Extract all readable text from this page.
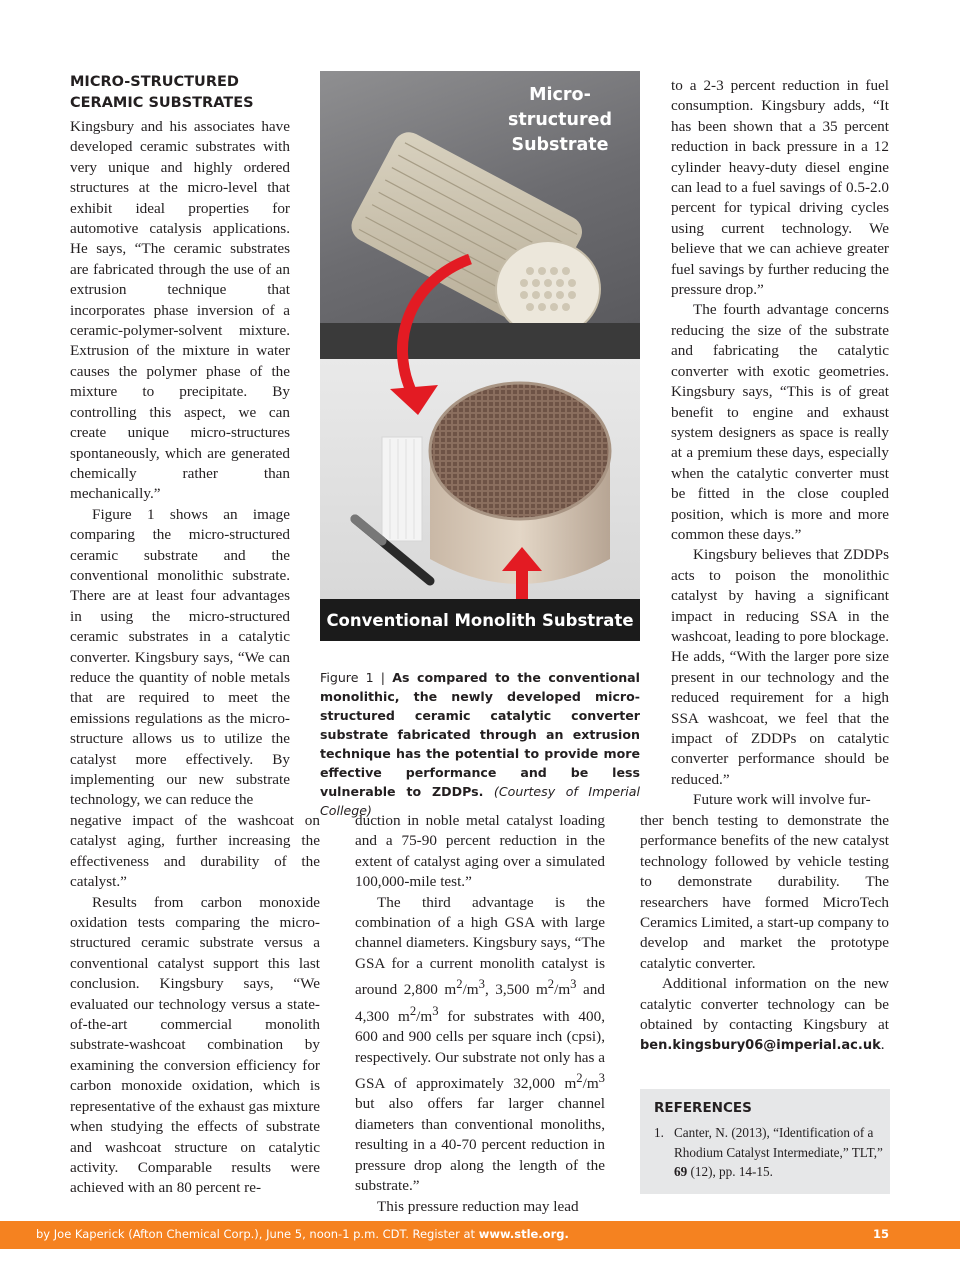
MICRO-STRUCTURED
CERAMIC SUBSTRATES

Kingsbury and his associates have developed ceramic substrates with very unique and highly ordered structures at the micro-level that exhibit ideal properties for automotive catalysis applications. He says, “The ceramic substrates are fabricated through the use of an extrusion technique that incorporates phase inversion of a ceramic-polymer-solvent mixture. Extrusion of the mixture in water causes the polymer phase of the mixture to precipitate. By controlling this aspect, we can create unique micro-structures spontaneously, which are generated chemically rather than mechanically.”

Figure 1 shows an image comparing the micro-structured ceramic substrate and the conventional monolithic substrate. There are at least four advantages in using the micro-structured ceramic substrates in a catalytic converter. Kingsbury says, “We can reduce the quantity of noble metals that are required to meet the emissions regulations as the micro-structure allows us to utilize the catalyst more effectively. By implementing our new substrate technology, we can reduce the

negative impact of the washcoat on catalyst aging, further increasing the effectiveness and durability of the catalyst.”

Results from carbon monoxide oxidation tests comparing the micro-structured ceramic substrate versus a conventional catalyst support this last conclusion. Kingsbury says, “We evaluated our technology versus a state-of-the-art commercial monolith substrate-washcoat combination by examining the conversion efficiency for carbon monoxide oxidation, which is representative of the exhaust gas mixture when studying the effects of substrate and washcoat structure on catalytic activity. Comparable results were achieved with an 80 percent re-

Micro-structured Substrate
Conventional Monolith Substrate
Figure 1 | As compared to the conventional monolithic, the newly developed micro-structured ceramic catalytic converter substrate fabricated through an extrusion technique has the potential to provide more effective performance and be less vulnerable to ZDDPs. (Courtesy of Imperial College)

duction in noble metal catalyst loading and a 75-90 percent reduction in the extent of catalyst aging over a simulated 100,000-mile test.”

The third advantage is the combination of a high GSA with large channel diameters. Kingsbury says, “The GSA for a current monolith catalyst is around 2,800 $m^2/m^3$, 3,500 $m^2/m^3$ and 4,300 $m^2/m^3$ for substrates with 400, 600 and 900 cells per square inch (cpsi), respectively. Our substrate not only has a GSA of approximately 32,000 $m^2/m^3$ but also offers far larger channel diameters than conventional monoliths, resulting in a 40-70 percent reduction in pressure drop along the length of the substrate.”

This pressure reduction may lead

to a 2-3 percent reduction in fuel consumption. Kingsbury adds, “It has been shown that a 35 percent reduction in back pressure in a 12 cylinder heavy-duty diesel engine can lead to a fuel savings of 0.5-2.0 percent for typical driving cycles using current technology. We believe that we can achieve greater fuel savings by further reducing the pressure drop.”

The fourth advantage concerns reducing the size of the substrate and fabricating the catalytic converter with exotic geometries. Kingsbury says, “This is of great benefit to engine and exhaust system designers as space is really at a premium these days, especially when the catalytic converter must be fitted in the close coupled position, which is more and more common these days.”

Kingsbury believes that ZDDPs acts to poison the monolithic catalyst by having a significant impact in reducing SSA in the washcoat, leading to pore blockage. He adds, “With the larger pore size present in our technology and the reduced requirement for a high SSA washcoat, we feel that the impact of ZDDPs on catalytic converter performance should be reduced.”

Future work will involve fur-

ther bench testing to demonstrate the performance benefits of the new catalyst technology followed by vehicle testing to demonstrate durability. The researchers have formed MicroTech Ceramics Limited, a start-up company to develop and market the prototype catalytic converter.

Additional information on the new catalytic converter technology can be obtained by contacting Kingsbury at ben.kingsbury06@imperial.ac.uk.

REFERENCES
1. Canter, N. (2013), “Identification of a Rhodium Catalyst Intermediate,” TLT,” 69 (12), pp. 14-15.
by Joe Kaperick (Afton Chemical Corp.), June 5, noon-1 p.m. CDT. Register at www.stle.org.	15
